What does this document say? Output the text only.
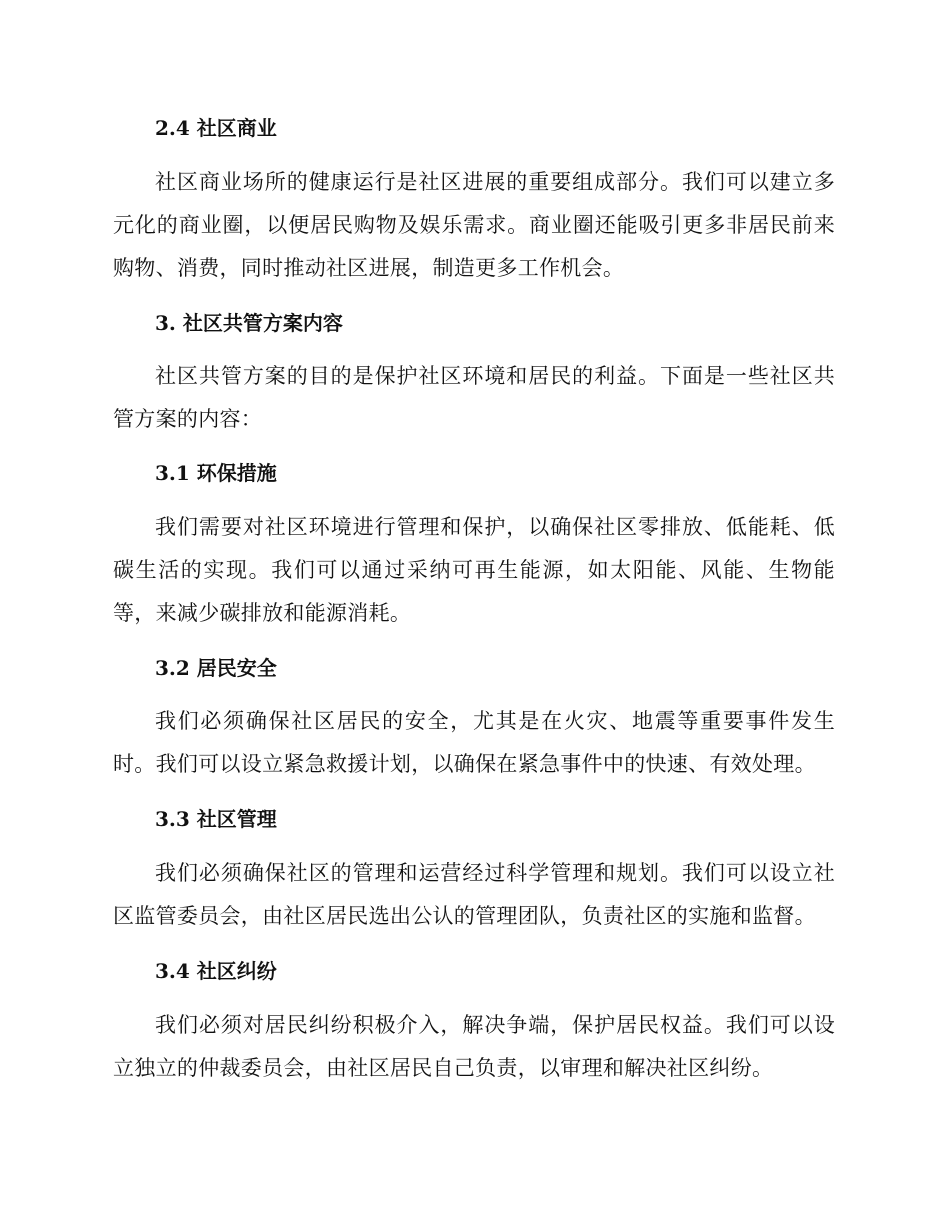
2.4 社区商业
社区商业场所的健康运行是社区进展的重要组成部分。我们可以建立多元化的商业圈，以便居民购物及娱乐需求。商业圈还能吸引更多非居民前来购物、消费，同时推动社区进展，制造更多工作机会。
3. 社区共管方案内容
社区共管方案的目的是保护社区环境和居民的利益。下面是一些社区共管方案的内容：
3.1 环保措施
我们需要对社区环境进行管理和保护，以确保社区零排放、低能耗、低碳生活的实现。我们可以通过采纳可再生能源，如太阳能、风能、生物能等，来减少碳排放和能源消耗。
3.2 居民安全
我们必须确保社区居民的安全，尤其是在火灾、地震等重要事件发生时。我们可以设立紧急救援计划，以确保在紧急事件中的快速、有效处理。
3.3 社区管理
我们必须确保社区的管理和运营经过科学管理和规划。我们可以设立社区监管委员会，由社区居民选出公认的管理团队，负责社区的实施和监督。
3.4 社区纠纷
我们必须对居民纠纷积极介入，解决争端，保护居民权益。我们可以设立独立的仲裁委员会，由社区居民自己负责，以审理和解决社区纠纷。
